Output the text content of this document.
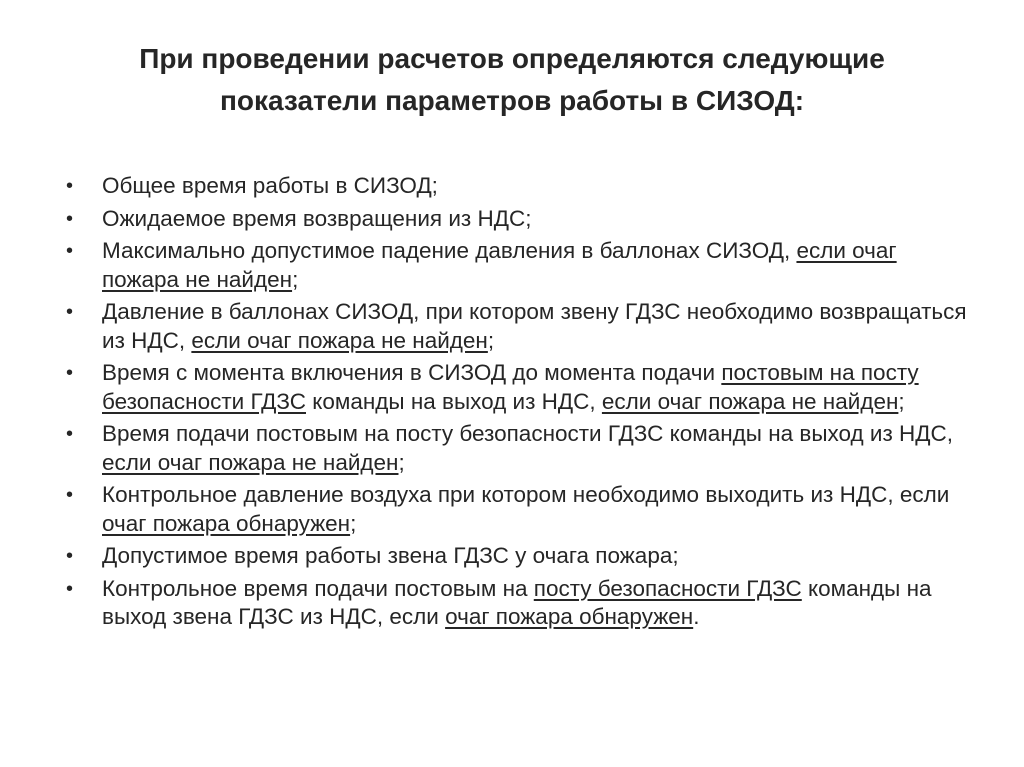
При проведении расчетов определяются следующие
показатели параметров работы в СИЗОД:
• Общее время работы в СИЗОД;
• Ожидаемое время возвращения из НДС;
• Максимально допустимое падение давления в баллонах СИЗОД, если очаг пожара не найден;
• Давление в баллонах СИЗОД, при котором звену ГДЗС необходимо возвращаться из НДС, если очаг пожара не найден;
• Время с момента включения в СИЗОД до момента подачи постовым на посту безопасности ГДЗС команды на выход из НДС, если очаг пожара не найден;
• Время подачи постовым на посту безопасности ГДЗС команды на выход из НДС, если очаг пожара не найден;
• Контрольное давление воздуха при котором необходимо выходить из НДС, если очаг пожара обнаружен;
• Допустимое время работы звена ГДЗС у очага пожара;
• Контрольное время подачи постовым на посту безопасности ГДЗС команды на выход звена ГДЗС из НДС, если очаг пожара обнаружен.
